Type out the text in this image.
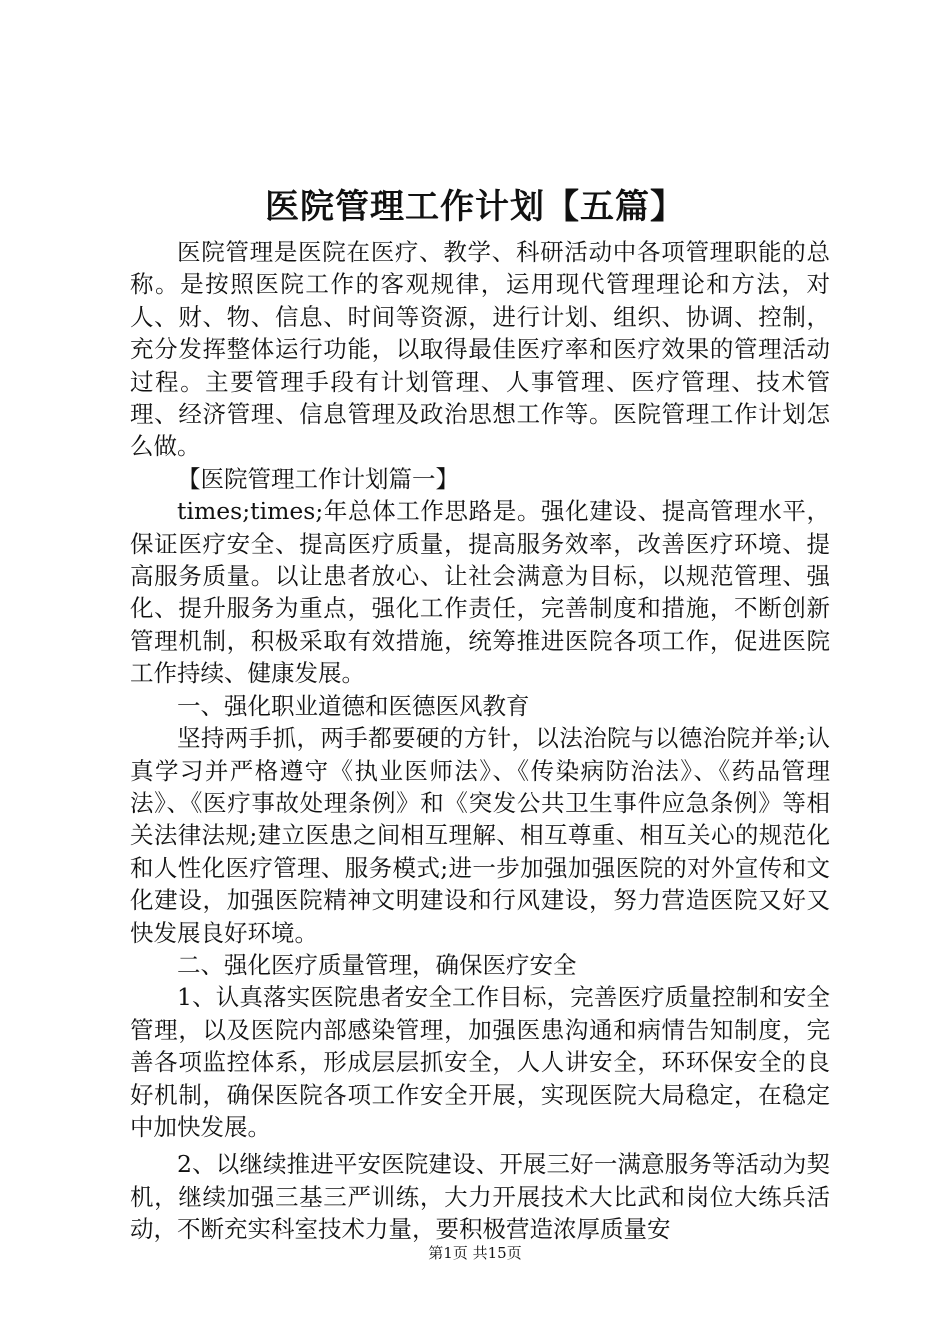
医院管理工作计划【五篇】

医院管理是医院在医疗、教学、科研活动中各项管理职能的总称。是按照医院工作的客观规律，运用现代管理理论和方法，对人、财、物、信息、时间等资源，进行计划、组织、协调、控制，充分发挥整体运行功能，以取得最佳医疗率和医疗效果的管理活动过程。主要管理手段有计划管理、人事管理、医疗管理、技术管理、经济管理、信息管理及政治思想工作等。医院管理工作计划怎么做。

【医院管理工作计划篇一】

times;times;年总体工作思路是。强化建设、提高管理水平，保证医疗安全、提高医疗质量，提高服务效率，改善医疗环境、提高服务质量。以让患者放心、让社会满意为目标，以规范管理、强化、提升服务为重点，强化工作责任，完善制度和措施，不断创新管理机制，积极采取有效措施，统筹推进医院各项工作，促进医院工作持续、健康发展。

一、强化职业道德和医德医风教育

坚持两手抓，两手都要硬的方针，以法治院与以德治院并举;认真学习并严格遵守《执业医师法》、《传染病防治法》、《药品管理法》、《医疗事故处理条例》和《突发公共卫生事件应急条例》等相关法律法规;建立医患之间相互理解、相互尊重、相互关心的规范化和人性化医疗管理、服务模式;进一步加强加强医院的对外宣传和文化建设，加强医院精神文明建设和行风建设，努力营造医院又好又快发展良好环境。

二、强化医疗质量管理，确保医疗安全

1、认真落实医院患者安全工作目标，完善医疗质量控制和安全管理，以及医院内部感染管理，加强医患沟通和病情告知制度，完善各项监控体系，形成层层抓安全，人人讲安全，环环保安全的良好机制，确保医院各项工作安全开展，实现医院大局稳定，在稳定中加快发展。

2、以继续推进平安医院建设、开展三好一满意服务等活动为契机，继续加强三基三严训练，大力开展技术大比武和岗位大练兵活动，不断充实科室技术力量，要积极营造浓厚质量安

第1页 共15页
